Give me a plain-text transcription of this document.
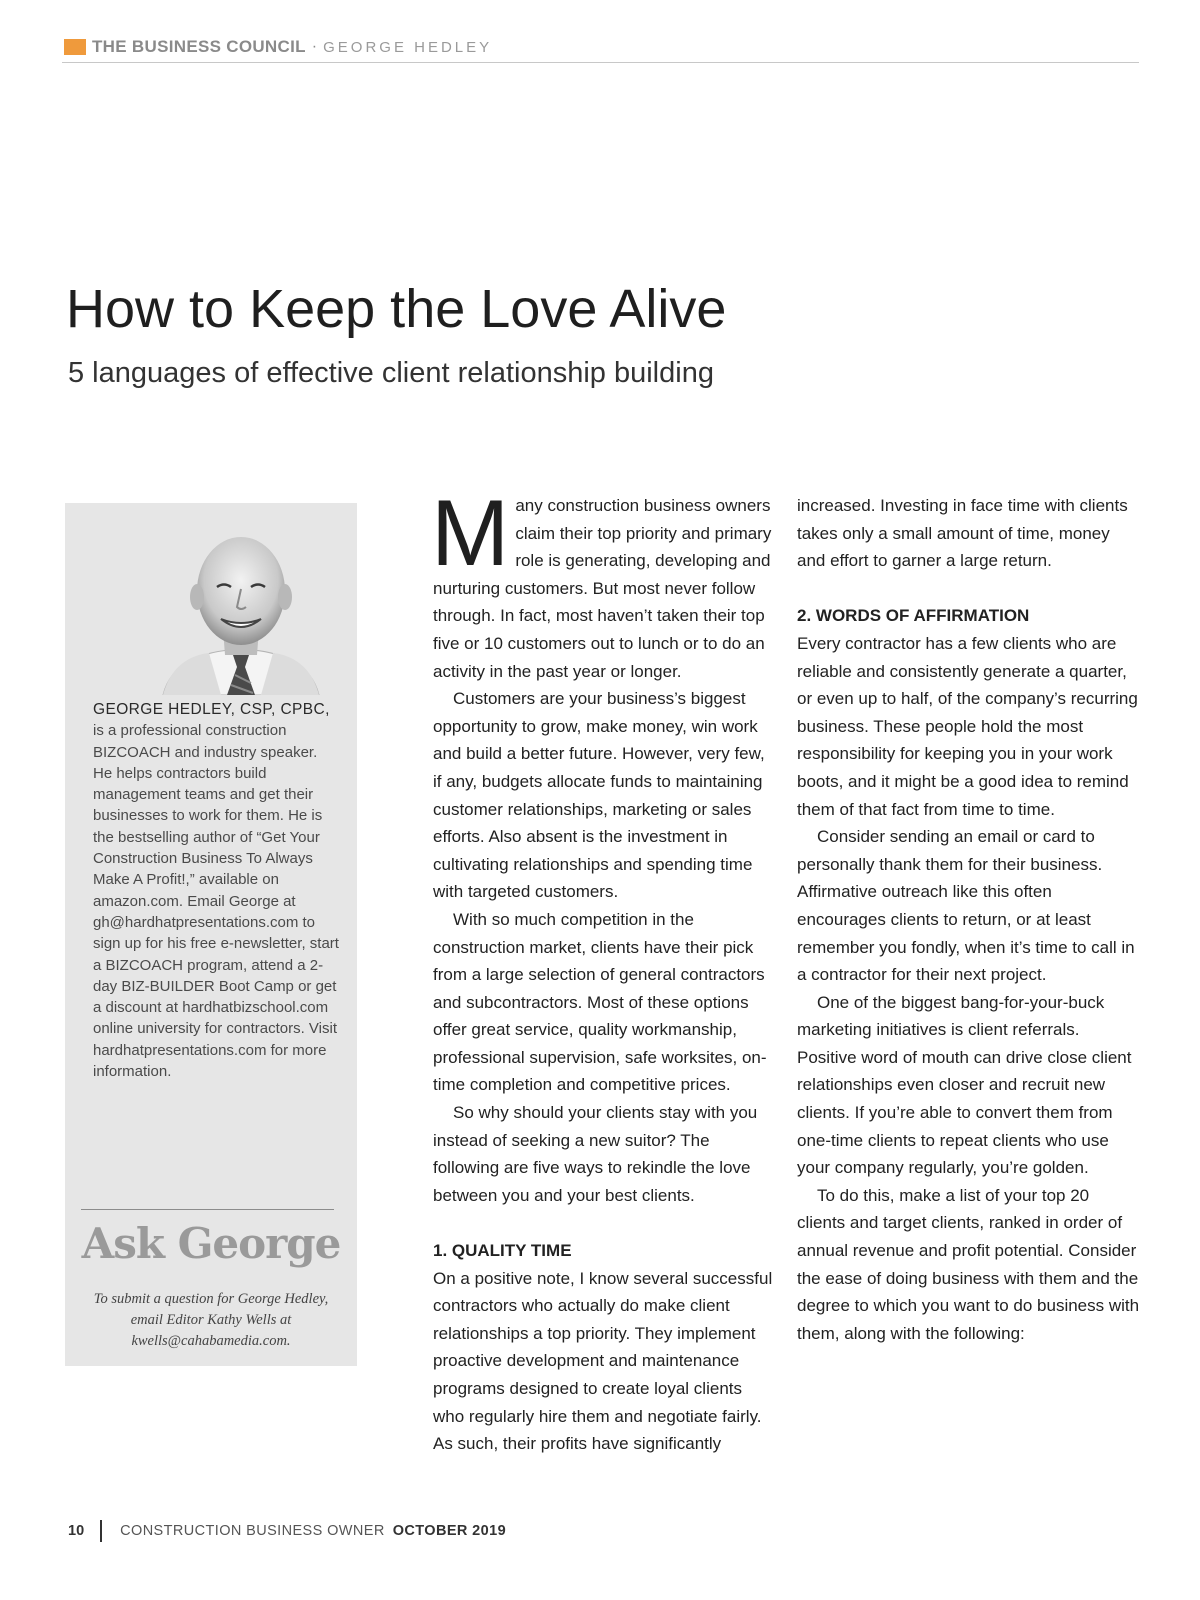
THE BUSINESS COUNCIL · GEORGE HEDLEY
How to Keep the Love Alive
5 languages of effective client relationship building
GEORGE HEDLEY, CSP, CPBC, is a professional construction BIZCOACH and industry speaker. He helps contractors build management teams and get their businesses to work for them. He is the bestselling author of “Get Your Construction Business To Always Make A Profit!,” available on amazon.com. Email George at gh@hardhatpresentations.com to sign up for his free e-newsletter, start a BIZCOACH program, attend a 2-day BIZ-BUILDER Boot Camp or get a discount at hardhatbizschool.com online university for contractors. Visit hardhatpresentations.com for more information.
Ask George
To submit a question for George Hedley, email Editor Kathy Wells at kwells@cahabamedia.com.

Many construction business owners claim their top priority and primary role is generating, developing and nurturing customers. But most never follow through. In fact, most haven’t taken their top five or 10 customers out to lunch or to do an activity in the past year or longer.

Customers are your business’s biggest opportunity to grow, make money, win work and build a better future. However, very few, if any, budgets allocate funds to maintaining customer relationships, marketing or sales efforts. Also absent is the investment in cultivating relationships and spending time with targeted customers.

With so much competition in the construction market, clients have their pick from a large selection of general contractors and subcontractors. Most of these options offer great service, quality workmanship, professional supervision, safe worksites, on-time completion and competitive prices.

So why should your clients stay with you instead of seeking a new suitor? The following are five ways to rekindle the love between you and your best clients.

1. QUALITY TIME

On a positive note, I know several successful contractors who actually do make client relationships a top priority. They implement proactive development and maintenance programs designed to create loyal clients who regularly hire them and negotiate fairly. As such, their profits have significantly

increased. Investing in face time with clients takes only a small amount of time, money and effort to garner a large return.

2. WORDS OF AFFIRMATION

Every contractor has a few clients who are reliable and consistently generate a quarter, or even up to half, of the company’s recurring business. These people hold the most responsibility for keeping you in your work boots, and it might be a good idea to remind them of that fact from time to time.

Consider sending an email or card to personally thank them for their business. Affirmative outreach like this often encourages clients to return, or at least remember you fondly, when it’s time to call in a contractor for their next project.

One of the biggest bang-for-your-buck marketing initiatives is client referrals. Positive word of mouth can drive close client relationships even closer and recruit new clients. If you’re able to convert them from one-time clients to repeat clients who use your company regularly, you’re golden.

To do this, make a list of your top 20 clients and target clients, ranked in order of annual revenue and profit potential. Consider the ease of doing business with them and the degree to which you want to do business with them, along with the following:

10 CONSTRUCTION BUSINESS OWNER OCTOBER 2019
